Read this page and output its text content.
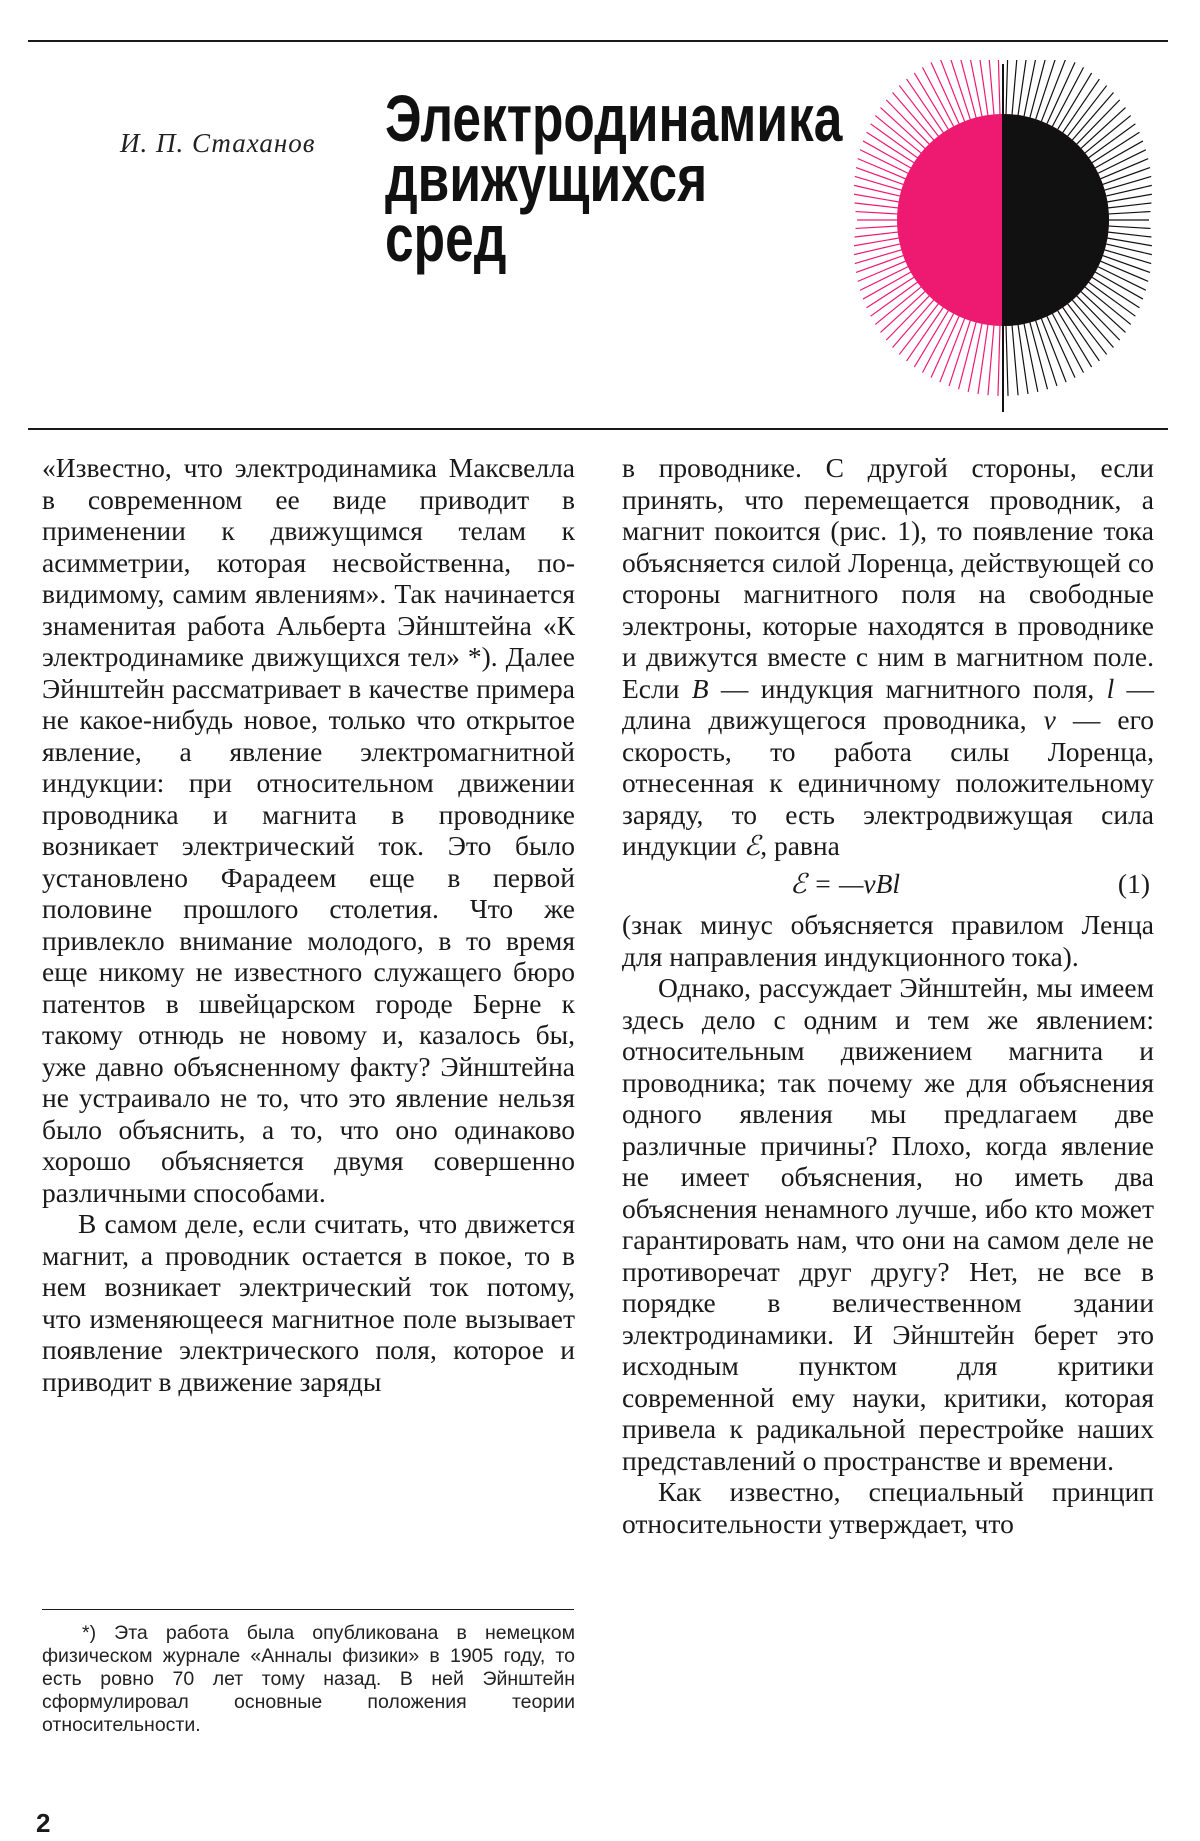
И. П. Стаханов Электродинамика
движущихся
сред

«Известно, что электродинамика Максвелла в современном ее виде приводит в применении к движущимся телам к асимметрии, которая несвойственна, по-видимому, самим явлениям». Так начинается знаменитая работа Альберта Эйнштейна «К электродинамике движущихся тел» *). Далее Эйнштейн рассматривает в качестве примера не какое-нибудь новое, только что открытое явление, а явление электромагнитной индукции: при относительном движении проводника и магнита в проводнике возникает электрический ток. Это было установлено Фарадеем еще в первой половине прошлого столетия. Что же привлекло внимание молодого, в то время еще никому не известного служащего бюро патентов в швейцарском городе Берне к такому отнюдь не новому и, казалось бы, уже давно объясненному факту? Эйнштейна не устраивало не то, что это явление нельзя было объяснить, а то, что оно одинаково хорошо объясняется двумя совершенно различными способами.

В самом деле, если считать, что движется магнит, а проводник остается в покое, то в нем возникает электрический ток потому, что изменяющееся магнитное поле вызывает появление электрического поля, которое и приводит в движение заряды

в проводнике. С другой стороны, если принять, что перемещается проводник, а магнит покоится (рис. 1), то появление тока объясняется силой Лоренца, действующей со стороны магнитного поля на свободные электроны, которые находятся в проводнике и движутся вместе с ним в магнитном поле. Если B — индукция магнитного поля, l — длина движущегося проводника, v — его скорость, то работа силы Лоренца, отнесенная к единичному положительному заряду, то есть электродвижущая сила индукции ℰ, равна

ℰ = —vBl	(1)

(знак минус объясняется правилом Ленца для направления индукционного тока).

Однако, рассуждает Эйнштейн, мы имеем здесь дело с одним и тем же явлением: относительным движением магнита и проводника; так почему же для объяснения одного явления мы предлагаем две различные причины? Плохо, когда явление не имеет объяснения, но иметь два объяснения ненамного лучше, ибо кто может гарантировать нам, что они на самом деле не противоречат друг другу? Нет, не все в порядке в величественном здании электродинамики. И Эйнштейн берет это исходным пунктом для критики современной ему науки, критики, которая привела к радикальной перестройке наших представлений о пространстве и времени.

Как известно, специальный принцип относительности утверждает, что

*) Эта работа была опубликована в немецком физическом журнале «Анналы физики» в 1905 году, то есть ровно 70 лет тому назад. В ней Эйнштейн сформулировал основные положения теории относительности.

2
